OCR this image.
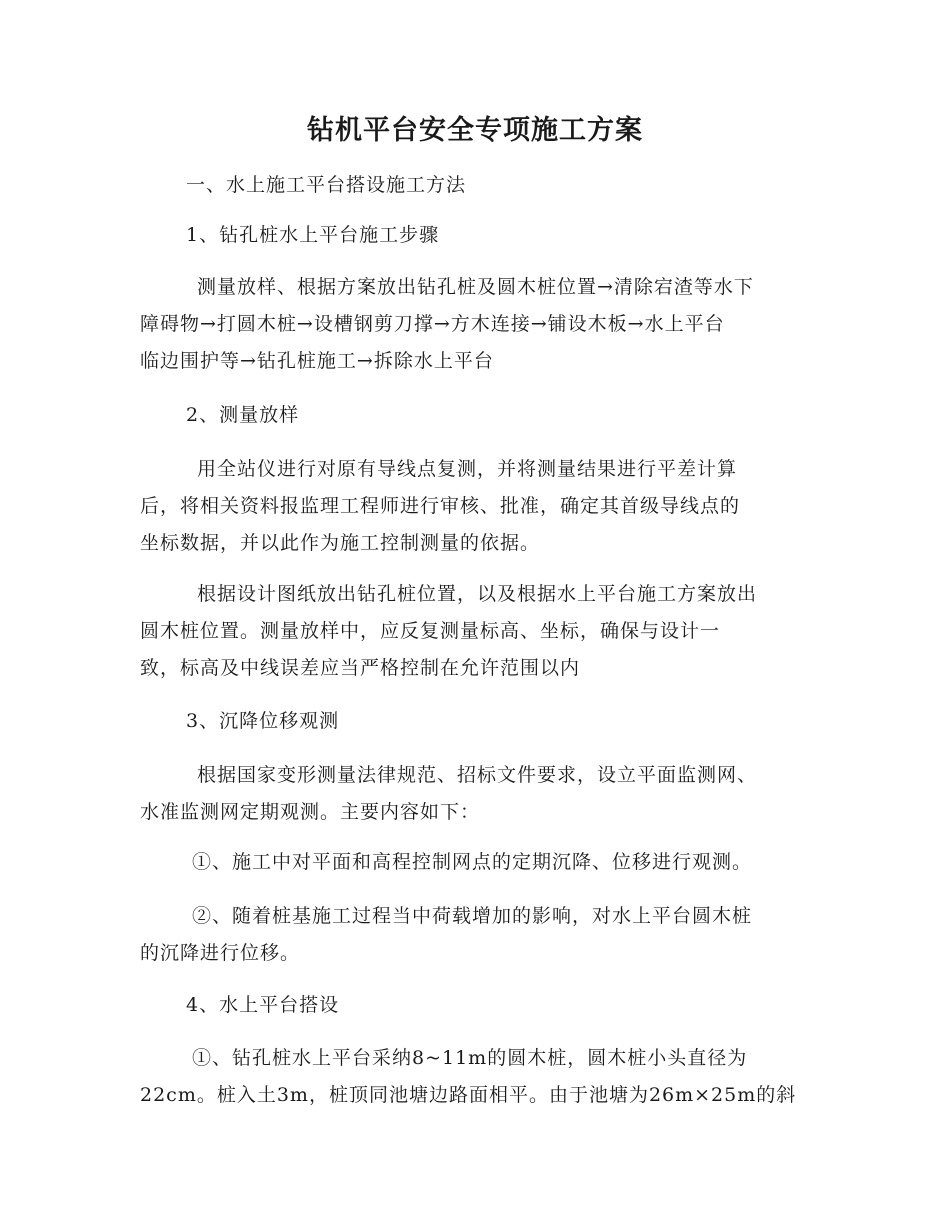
钻机平台安全专项施工方案
一、水上施工平台搭设施工方法
1、钻孔桩水上平台施工步骤
测量放样、根据方案放出钻孔桩及圆木桩位置→清除宕渣等水下
障碍物→打圆木桩→设槽钢剪刀撑→方木连接→铺设木板→水上平台
临边围护等→钻孔桩施工→拆除水上平台
2、测量放样
用全站仪进行对原有导线点复测，并将测量结果进行平差计算
后，将相关资料报监理工程师进行审核、批准，确定其首级导线点的
坐标数据，并以此作为施工控制测量的依据。
根据设计图纸放出钻孔桩位置，以及根据水上平台施工方案放出
圆木桩位置。测量放样中，应反复测量标高、坐标，确保与设计一
致，标高及中线误差应当严格控制在允许范围以内
3、沉降位移观测
根据国家变形测量法律规范、招标文件要求，设立平面监测网、
水准监测网定期观测。主要内容如下：
①、施工中对平面和高程控制网点的定期沉降、位移进行观测。
②、随着桩基施工过程当中荷载增加的影响，对水上平台圆木桩
的沉降进行位移。
4、水上平台搭设
①、钻孔桩水上平台采纳8~11m的圆木桩，圆木桩小头直径为
22cm。桩入土3m，桩顶同池塘边路面相平。由于池塘为26m×25m的斜
